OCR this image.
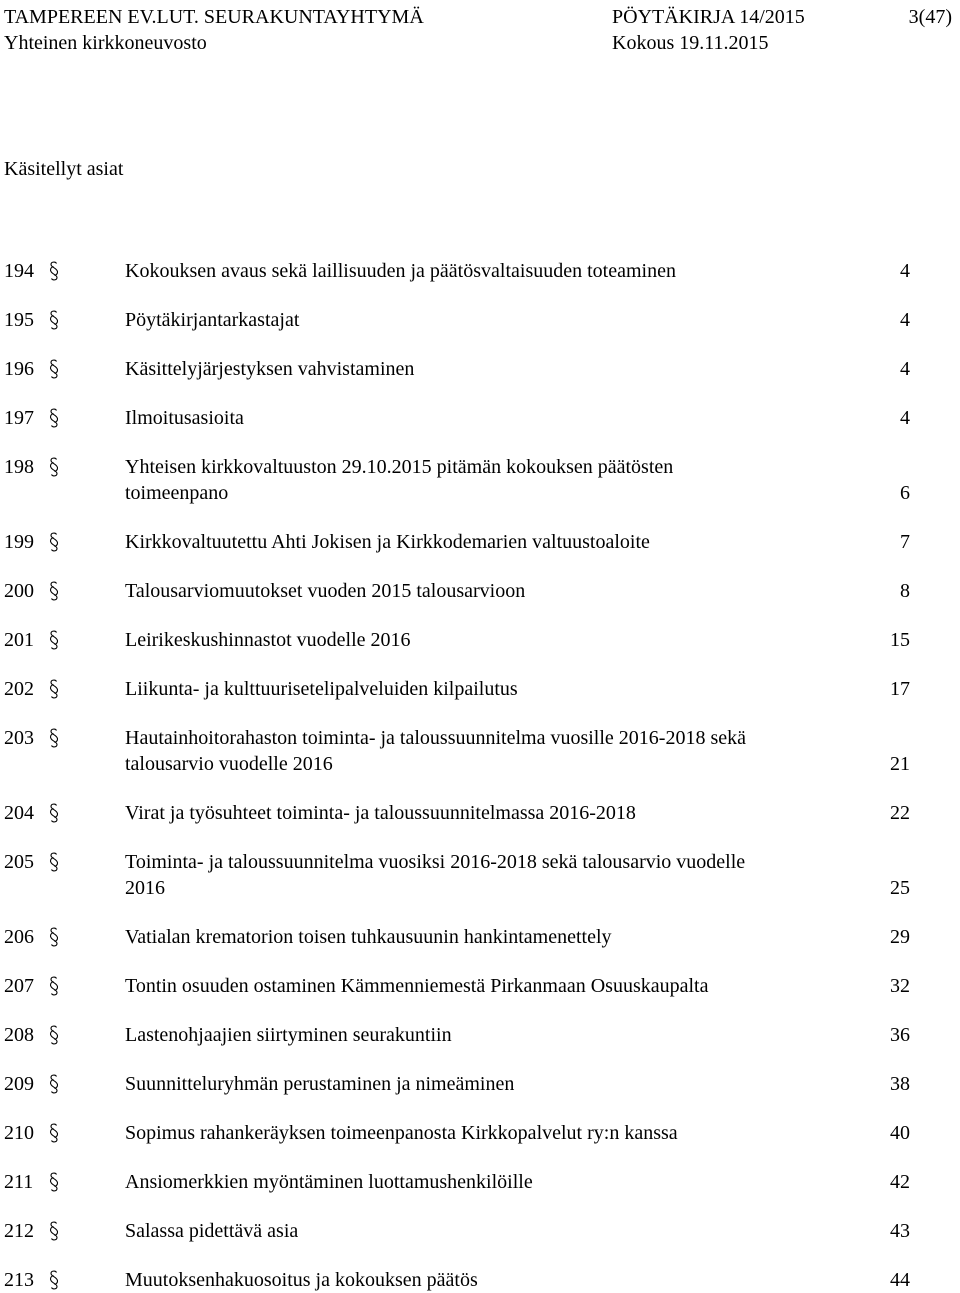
TAMPEREEN EV.LUT. SEURAKUNTAYHTYMÄ	PÖYTÄKIRJA 14/2015	3(47)
Yhteinen kirkkoneuvosto	Kokous 19.11.2015
Käsitellyt asiat
194	Kokouksen avaus sekä laillisuuden ja päätösvaltaisuuden toteaminen	4
195	Pöytäkirjantarkastajat	4
196	Käsittelyjärjestyksen vahvistaminen	4
197	Ilmoitusasioita	4
198	Yhteisen kirkkovaltuuston 29.10.2015 pitämän kokouksen päätösten
toimeenpano	6
199	Kirkkovaltuutettu Ahti Jokisen ja Kirkkodemarien valtuustoaloite	7
200	Talousarviomuutokset vuoden 2015 talousarvioon	8
201	Leirikeskushinnastot vuodelle 2016	15
202	Liikunta- ja kulttuurisetelipalveluiden kilpailutus	17
203	Hautainhoitorahaston toiminta- ja taloussuunnitelma vuosille 2016-2018 sekä
talousarvio vuodelle 2016	21
204	Virat ja työsuhteet toiminta- ja taloussuunnitelmassa 2016-2018	22
205	Toiminta- ja taloussuunnitelma vuosiksi 2016-2018 sekä talousarvio vuodelle
2016	25
206	Vatialan krematorion toisen tuhkausuunin hankintamenettely	29
207	Tontin osuuden ostaminen Kämmenniemestä Pirkanmaan Osuuskaupalta	32
208	Lastenohjaajien siirtyminen seurakuntiin	36
209	Suunnitteluryhmän perustaminen ja nimeäminen	38
210	Sopimus rahankeräyksen toimeenpanosta Kirkkopalvelut ry:n kanssa	40
211	Ansiomerkkien myöntäminen luottamushenkilöille	42
212	Salassa pidettävä asia	43
213	Muutoksenhakuosoitus ja kokouksen päätös	44
